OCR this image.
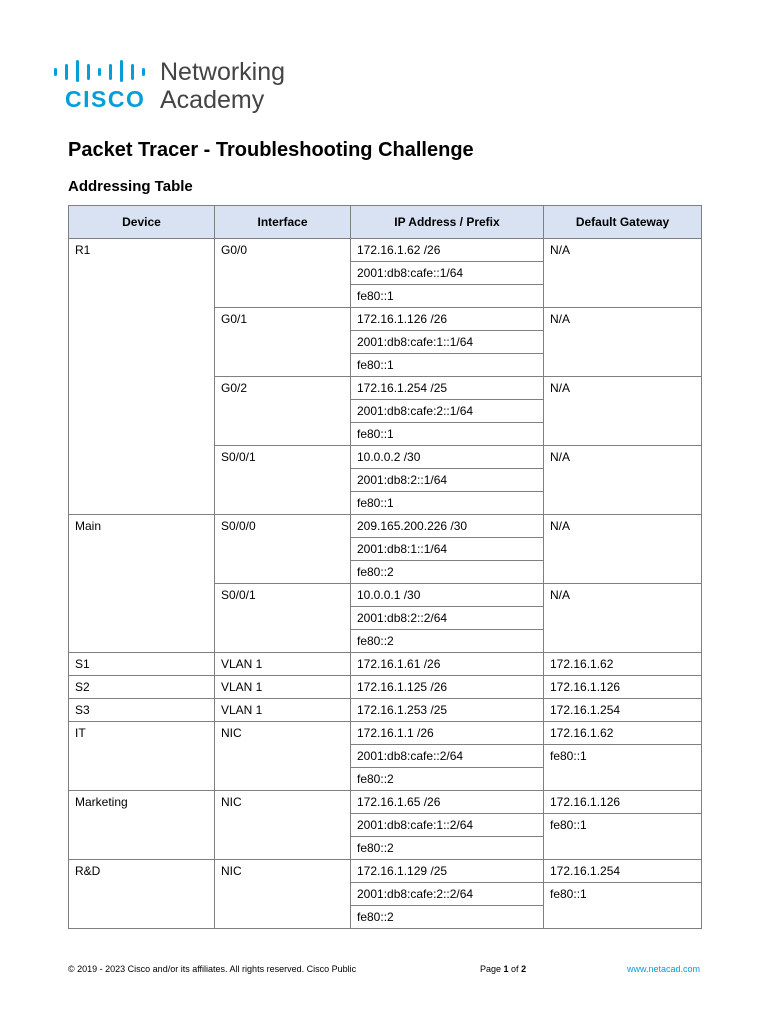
CISCO
Networking
Academy
Packet Tracer - Troubleshooting Challenge
Addressing Table
Device	Interface	IP Address / Prefix	Default Gateway
R1	G0/0	172.16.1.62 /26	N/A
		2001:db8:cafe::1/64	
		fe80::1	
	G0/1	172.16.1.126 /26	N/A
		2001:db8:cafe:1::1/64	
		fe80::1	
	G0/2	172.16.1.254 /25	N/A
		2001:db8:cafe:2::1/64	
		fe80::1	
	S0/0/1	10.0.0.2 /30	N/A
		2001:db8:2::1/64	
		fe80::1	
Main	S0/0/0	209.165.200.226 /30	N/A
		2001:db8:1::1/64	
		fe80::2	
	S0/0/1	10.0.0.1 /30	N/A
		2001:db8:2::2/64	
		fe80::2	
S1	VLAN 1	172.16.1.61 /26	172.16.1.62
S2	VLAN 1	172.16.1.125 /26	172.16.1.126
S3	VLAN 1	172.16.1.253 /25	172.16.1.254
IT	NIC	172.16.1.1 /26	172.16.1.62
		2001:db8:cafe::2/64	fe80::1
		fe80::2	
Marketing	NIC	172.16.1.65 /26	172.16.1.126
		2001:db8:cafe:1::2/64	fe80::1
		fe80::2	
R&D	NIC	172.16.1.129 /25	172.16.1.254
		2001:db8:cafe:2::2/64	fe80::1
		fe80::2	
© 2019 - 2023 Cisco and/or its affiliates. All rights reserved. Cisco Public	Page 1 of 2	www.netacad.com
